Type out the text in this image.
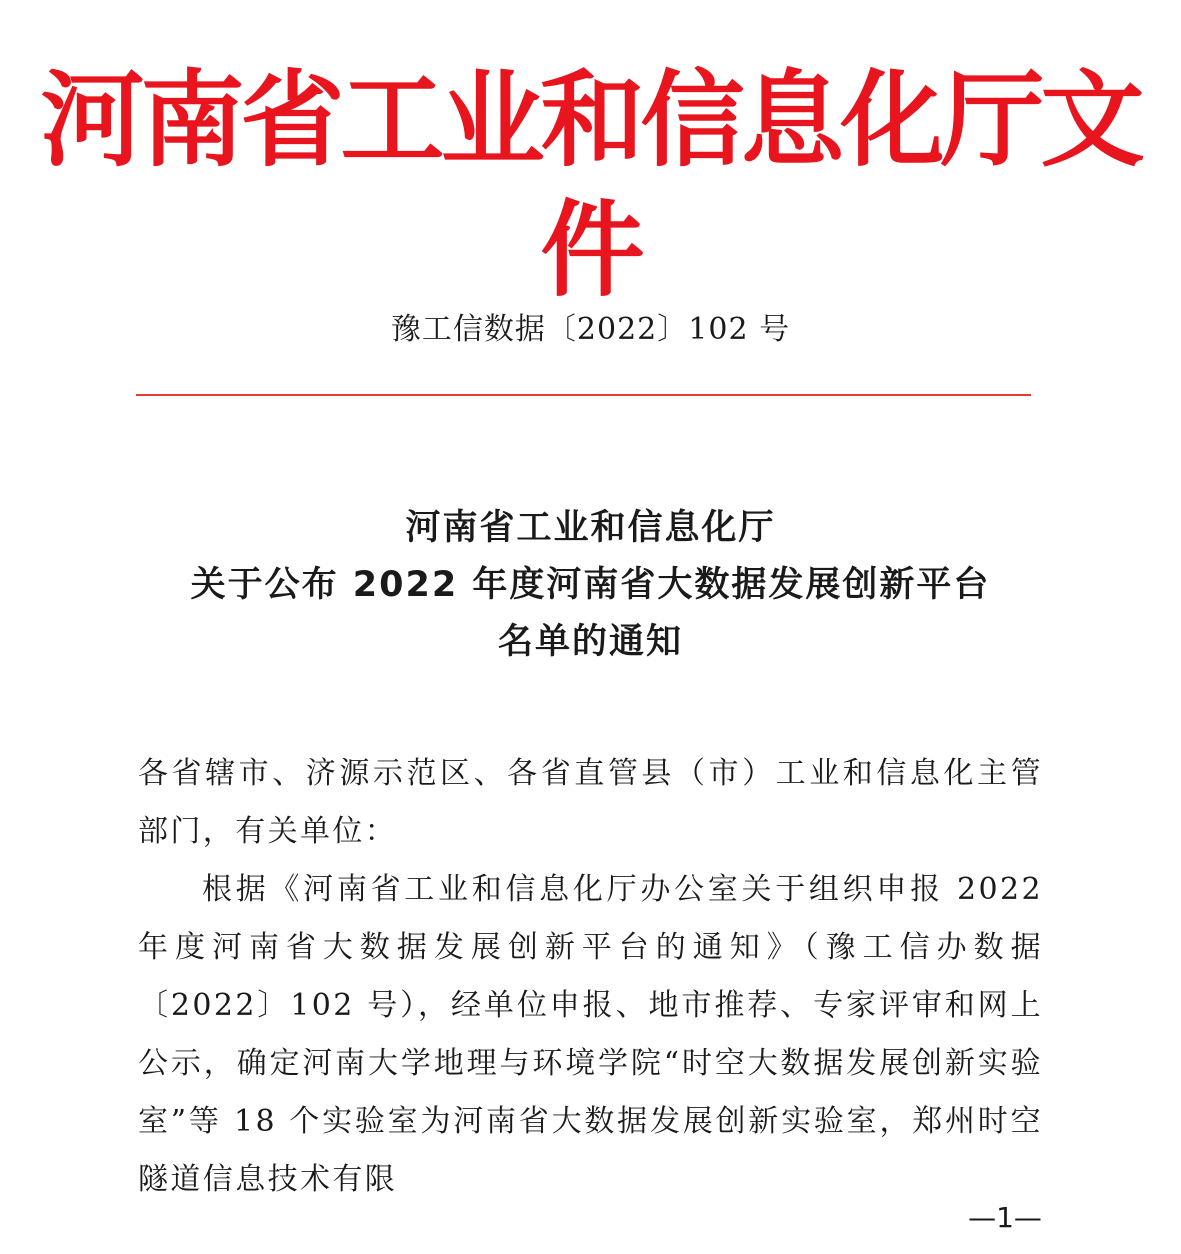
河南省工业和信息化厅文件
豫工信数据〔2022〕102 号
河南省工业和信息化厅
关于公布 2022 年度河南省大数据发展创新平台
名单的通知

各省辖市、济源示范区、各省直管县（市）工业和信息化主管部门，有关单位：

根据《河南省工业和信息化厅办公室关于组织申报 2022 年度河南省大数据发展创新平台的通知》（豫工信办数据〔2022〕102 号），经单位申报、地市推荐、专家评审和网上公示，确定河南大学地理与环境学院“时空大数据发展创新实验室”等 18 个实验室为河南省大数据发展创新实验室，郑州时空隧道信息技术有限

—1—
